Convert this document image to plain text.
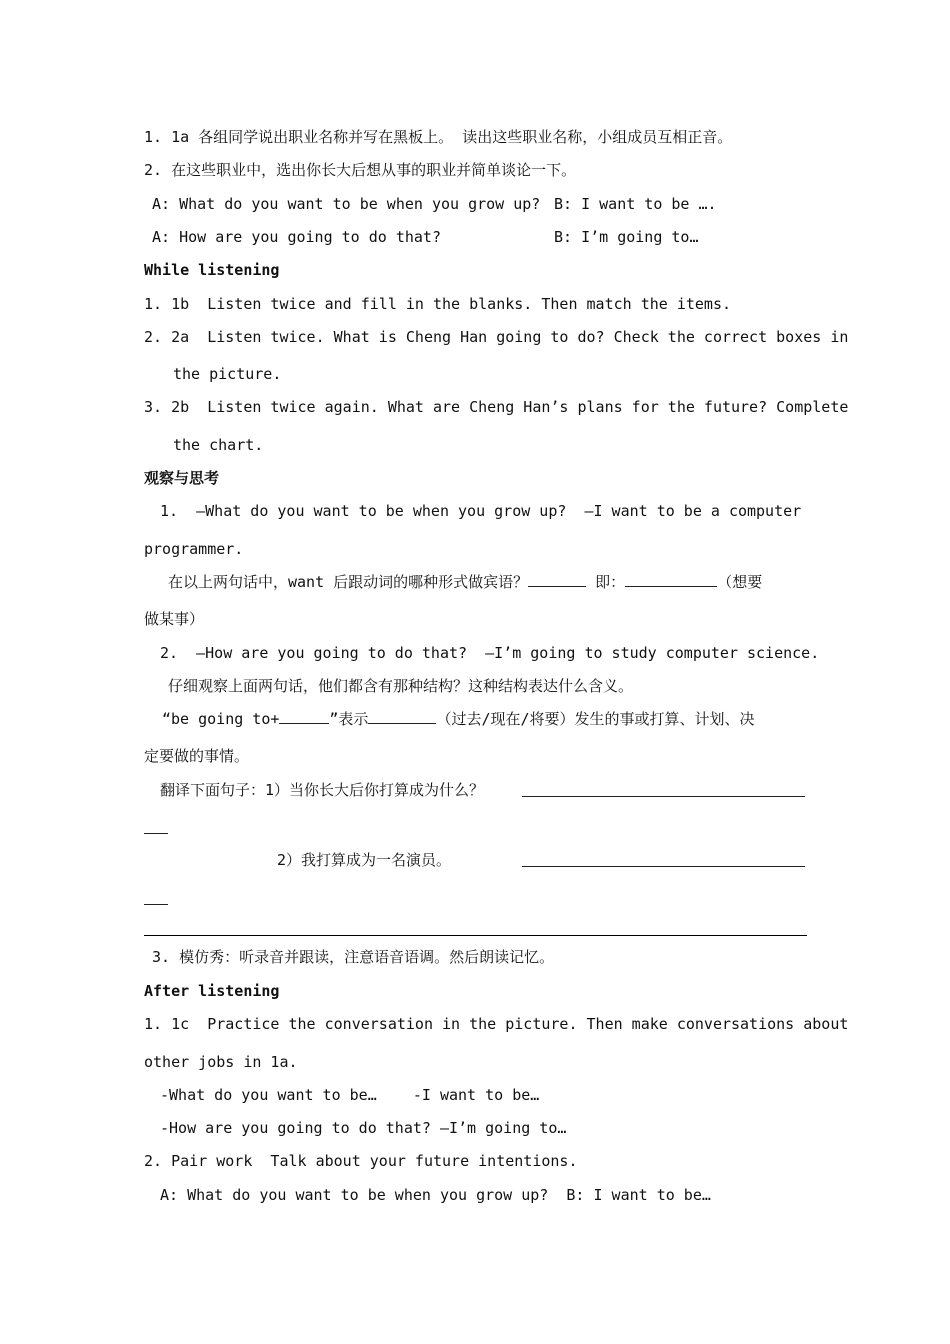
1. 1a 各组同学说出职业名称并写在黑板上。 读出这些职业名称，小组成员互相正音。
2. 在这些职业中，选出你长大后想从事的职业并简单谈论一下。
A: What do you want to be when you grow up? B: I want to be ….
A: How are you going to do that?	B: I’m going to…
While listening
1. 1b  Listen twice and fill in the blanks. Then match the items.
2. 2a  Listen twice. What is Cheng Han going to do? Check the correct boxes in
the picture.
3. 2b  Listen twice again. What are Cheng Han’s plans for the future? Complete
the chart.
观察与思考
1.  –What do you want to be when you grow up?  –I want to be a computer
programmer.
在以上两句话中，want 后跟动词的哪种形式做宾语？	即：	（想要
做某事）
2.  –How are you going to do that?  –I’m going to study computer science.
仔细观察上面两句话，他们都含有那种结构？这种结构表达什么含义。
“be going to+	”表示	（过去/现在/将要）发生的事或打算、计划、决
定要做的事情。
翻译下面句子：1）当你长大后你打算成为什么？
2）我打算成为一名演员。
3. 模仿秀：听录音并跟读，注意语音语调。然后朗读记忆。
After listening
1. 1c  Practice the conversation in the picture. Then make conversations about
other jobs in 1a.
-What do you want to be…    -I want to be…
-How are you going to do that? –I’m going to…
2. Pair work  Talk about your future intentions.
A: What do you want to be when you grow up?  B: I want to be…
